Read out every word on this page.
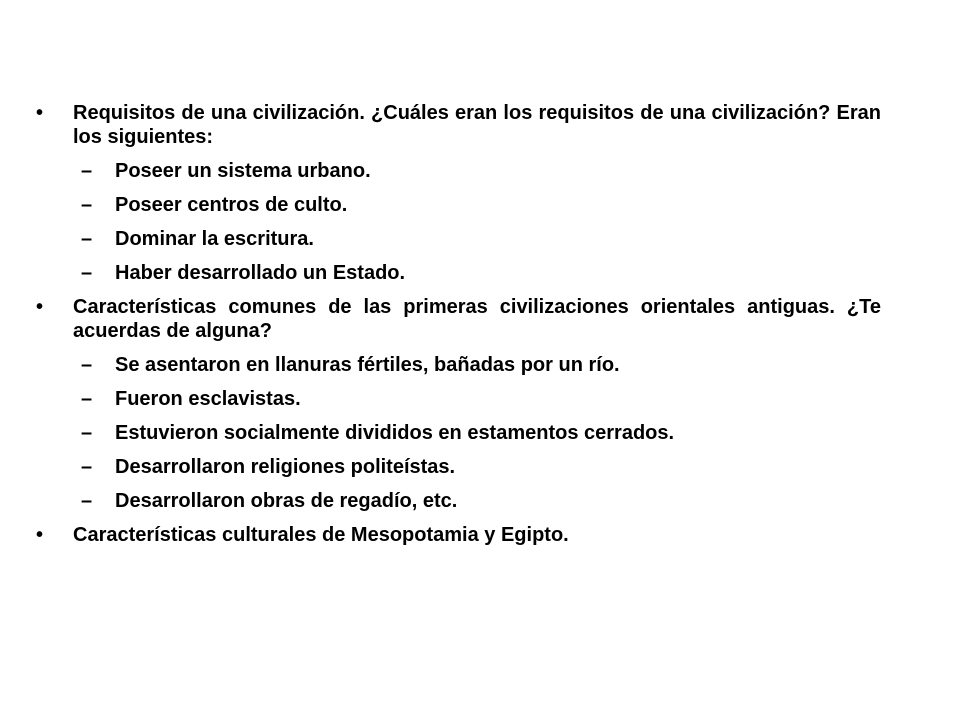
• Requisitos de una civilización. ¿Cuáles eran los requisitos de una civilización? Eran los siguientes:
– Poseer un sistema urbano.
– Poseer centros de culto.
– Dominar la escritura.
– Haber desarrollado un Estado.
• Características comunes de las primeras civilizaciones orientales antiguas. ¿Te acuerdas de alguna?
– Se asentaron en llanuras fértiles, bañadas por un río.
– Fueron esclavistas.
– Estuvieron socialmente divididos en estamentos cerrados.
– Desarrollaron religiones politeístas.
– Desarrollaron obras de regadío, etc.
• Características culturales de Mesopotamia y Egipto.
